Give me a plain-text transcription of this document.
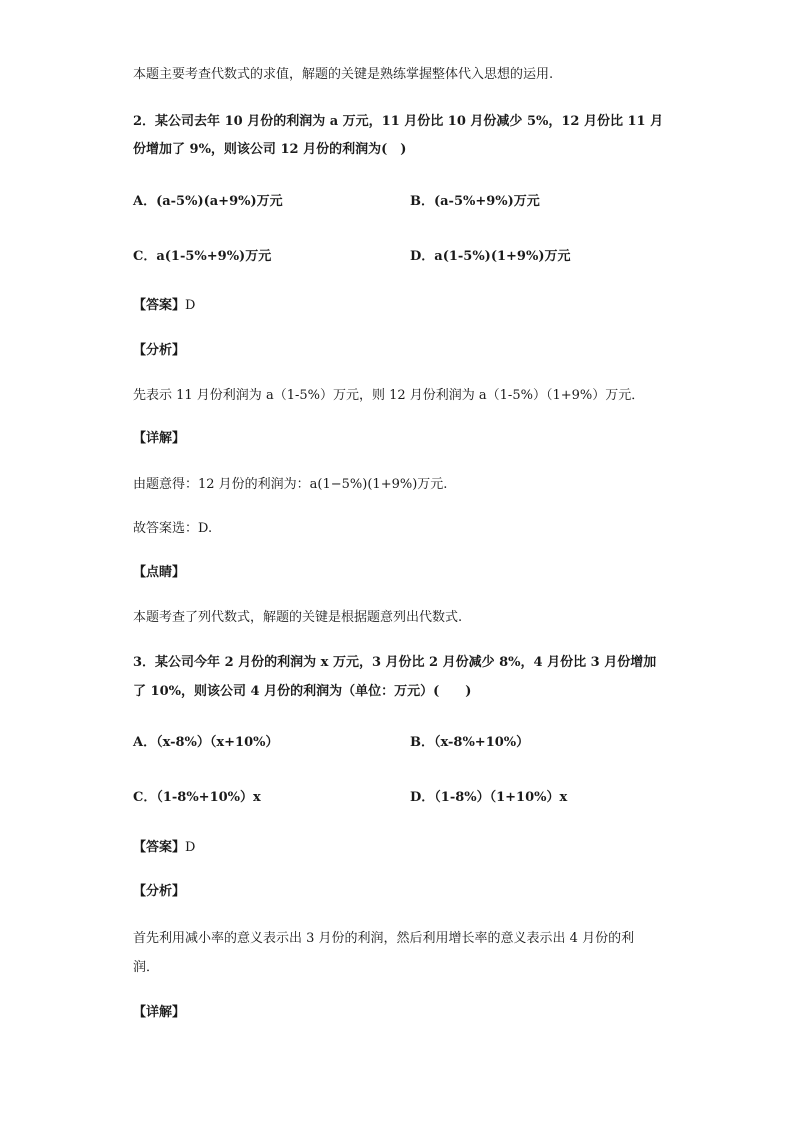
本题主要考查代数式的求值，解题的关键是熟练掌握整体代入思想的运用.
2．某公司去年 10 月份的利润为 a 万元，11 月份比 10 月份减少 5%，12 月份比 11 月
份增加了 9%，则该公司 12 月份的利润为(　)
A．(a-5%)(a+9%)万元	B．(a-5%+9%)万元
C．a(1-5%+9%)万元	D．a(1-5%)(1+9%)万元
【答案】D
【分析】
先表示 11 月份利润为 a（1-5%）万元，则 12 月份利润为 a（1-5%）（1+9%）万元．
【详解】
由题意得：12 月份的利润为：a(1−5%)(1+9%)万元.
故答案选：D.
【点睛】
本题考查了列代数式，解题的关键是根据题意列出代数式.
3．某公司今年 2 月份的利润为 x 万元，3 月份比 2 月份减少 8%，4 月份比 3 月份增加
了 10%，则该公司 4 月份的利润为（单位：万元）(　　)
A．（x-8%）（x+10%）	B．（x-8%+10%）
C．（1-8%+10%）x	D．（1-8%）（1+10%）x
【答案】D
【分析】
首先利用减小率的意义表示出 3 月份的利润，然后利用增长率的意义表示出 4 月份的利
润．
【详解】
